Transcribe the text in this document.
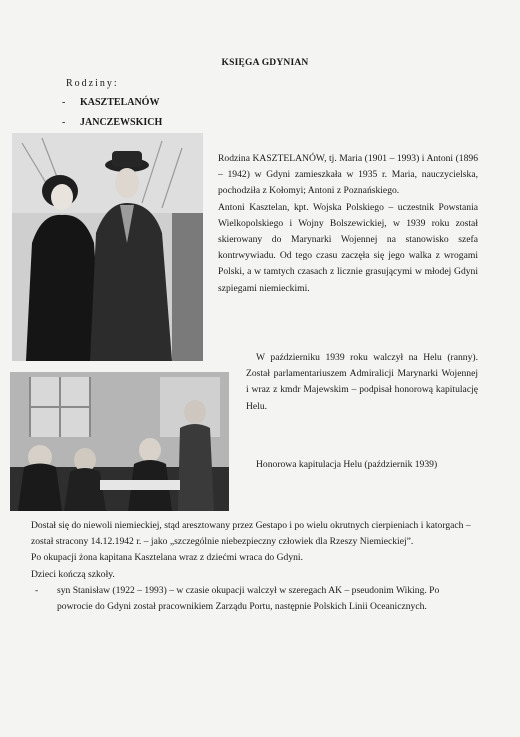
KSIĘGA GDYNIAN
Rodziny:
- KASZTELANÓW
- JANCZEWSKICH

Rodzina KASZTELANÓW, tj. Maria (1901 – 1993) i Antoni (1896 – 1942) w Gdyni zamieszkała w 1935 r. Maria, nauczycielska, pochodziła z Kołomyi; Antoni z Poznańskiego.

Antoni Kasztelan, kpt. Wojska Polskiego – uczestnik Powstania Wielkopolskiego i Wojny Bolszewickiej, w 1939 roku został skierowany do Marynarki Wojennej na stanowisko szefa kontrwywiadu. Od tego czasu zaczęła się jego walka z wrogami Polski, a w tamtych czasach z licznie grasującymi w młodej Gdyni szpiegami niemieckimi.

W październiku 1939 roku walczył na Helu (ranny). Został parlamentariuszem Admiralicji Marynarki Wojennej i wraz z kmdr Majewskim – podpisał honorową kapitulację Helu.

Honorowa kapitulacja Helu (październik 1939)

Dostał się do niewoli niemieckiej, stąd aresztowany przez Gestapo i po wielu okrutnych cierpieniach i katorgach – został stracony 14.12.1942 r. – jako „szczególnie niebezpieczny człowiek dla Rzeszy Niemieckiej”.

Po okupacji żona kapitana Kasztelana wraz z dziećmi wraca do Gdyni.

Dzieci kończą szkoły.

- syn Stanisław (1922 – 1993) – w czasie okupacji walczył w szeregach AK – pseudonim Wiking. Po powrocie do Gdyni został pracownikiem Zarządu Portu, następnie Polskich Linii Oceanicznych.
